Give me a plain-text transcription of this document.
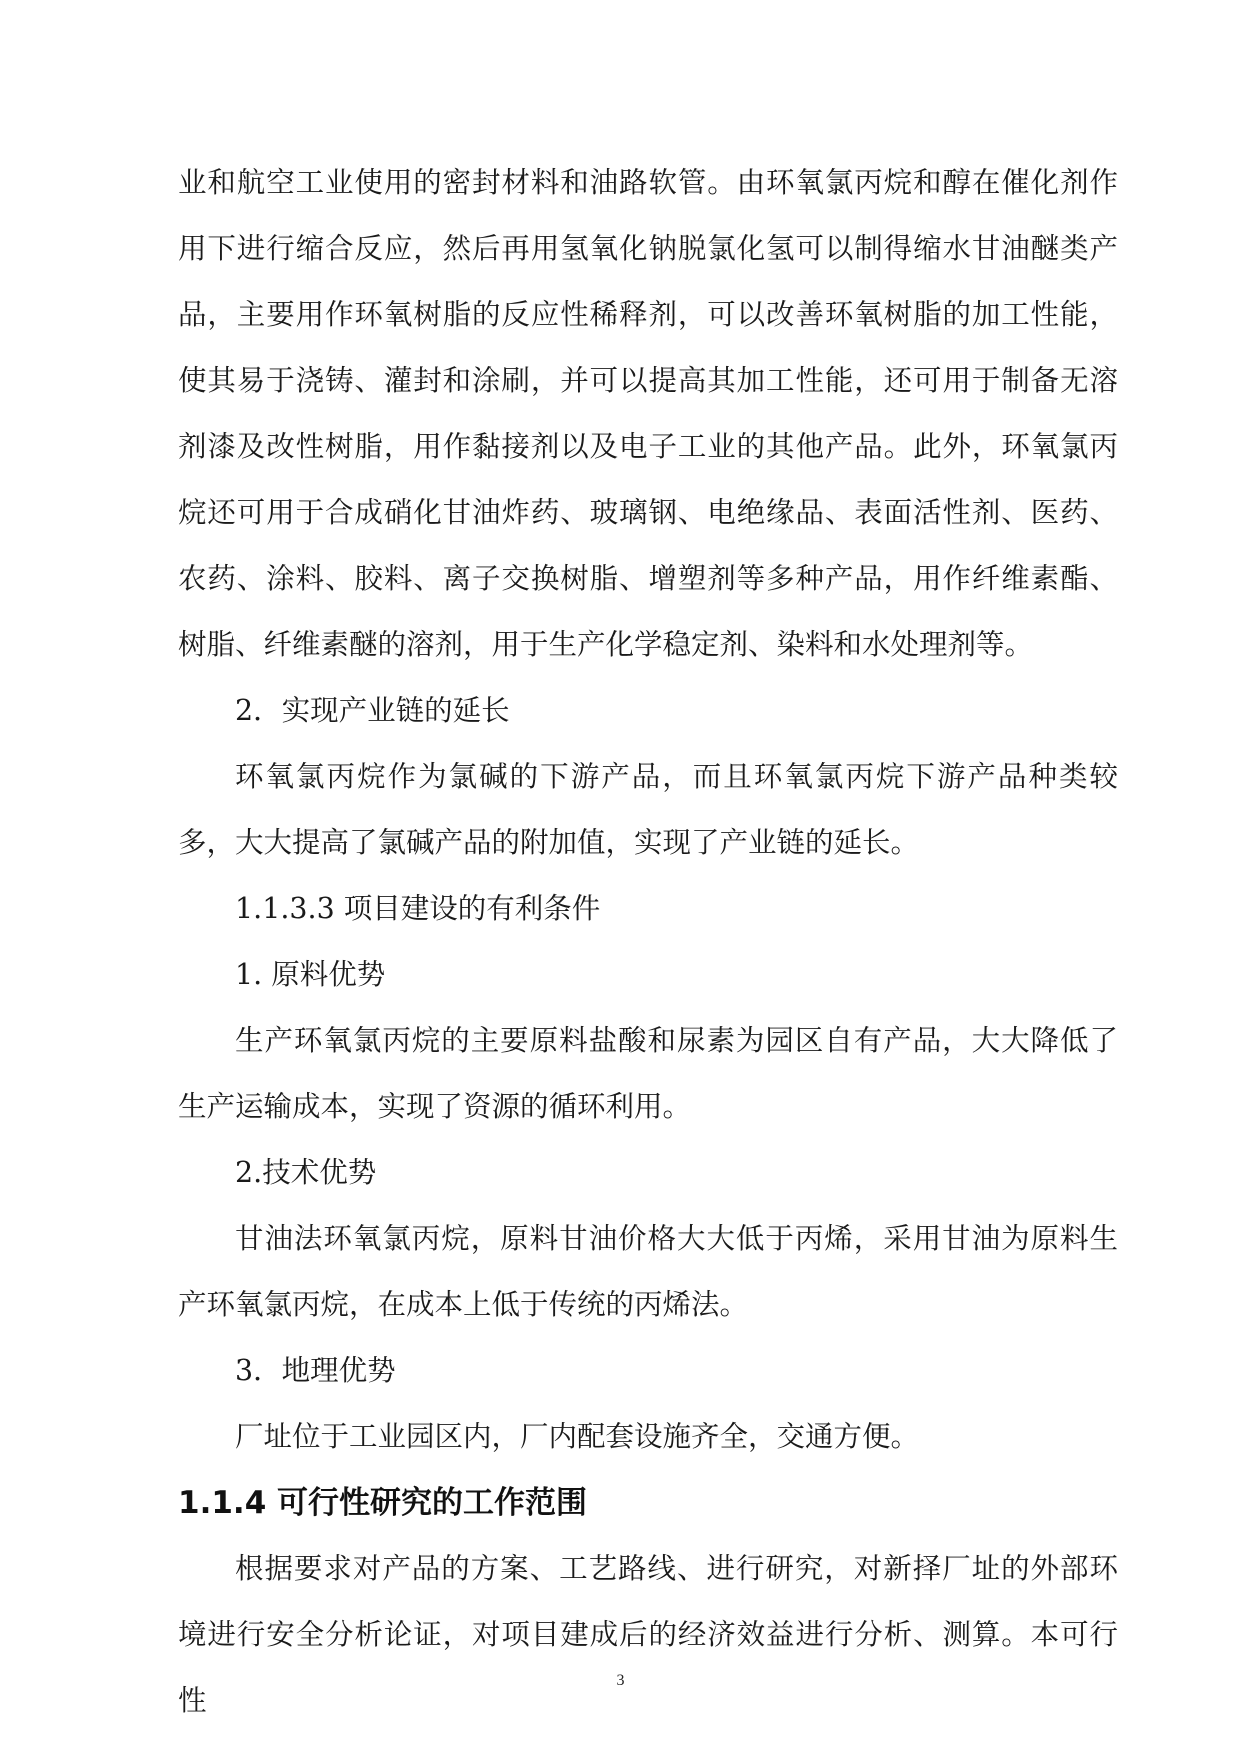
业和航空工业使用的密封材料和油路软管。由环氧氯丙烷和醇在催化剂作用下进行缩合反应，然后再用氢氧化钠脱氯化氢可以制得缩水甘油醚类产品，主要用作环氧树脂的反应性稀释剂，可以改善环氧树脂的加工性能，使其易于浇铸、灌封和涂刷，并可以提高其加工性能，还可用于制备无溶剂漆及改性树脂，用作黏接剂以及电子工业的其他产品。此外，环氧氯丙烷还可用于合成硝化甘油炸药、玻璃钢、电绝缘品、表面活性剂、医药、农药、涂料、胶料、离子交换树脂、增塑剂等多种产品，用作纤维素酯、树脂、纤维素醚的溶剂，用于生产化学稳定剂、染料和水处理剂等。

2．实现产业链的延长

环氧氯丙烷作为氯碱的下游产品，而且环氧氯丙烷下游产品种类较多，大大提高了氯碱产品的附加值，实现了产业链的延长。

1.1.3.3 项目建设的有利条件

1. 原料优势

生产环氧氯丙烷的主要原料盐酸和尿素为园区自有产品，大大降低了生产运输成本，实现了资源的循环利用。

2.技术优势

甘油法环氧氯丙烷，原料甘油价格大大低于丙烯，采用甘油为原料生产环氧氯丙烷，在成本上低于传统的丙烯法。

3．地理优势

厂址位于工业园区内，厂内配套设施齐全，交通方便。

1.1.4 可行性研究的工作范围

根据要求对产品的方案、工艺路线、进行研究，对新择厂址的外部环境进行安全分析论证，对项目建成后的经济效益进行分析、测算。本可行性

3
